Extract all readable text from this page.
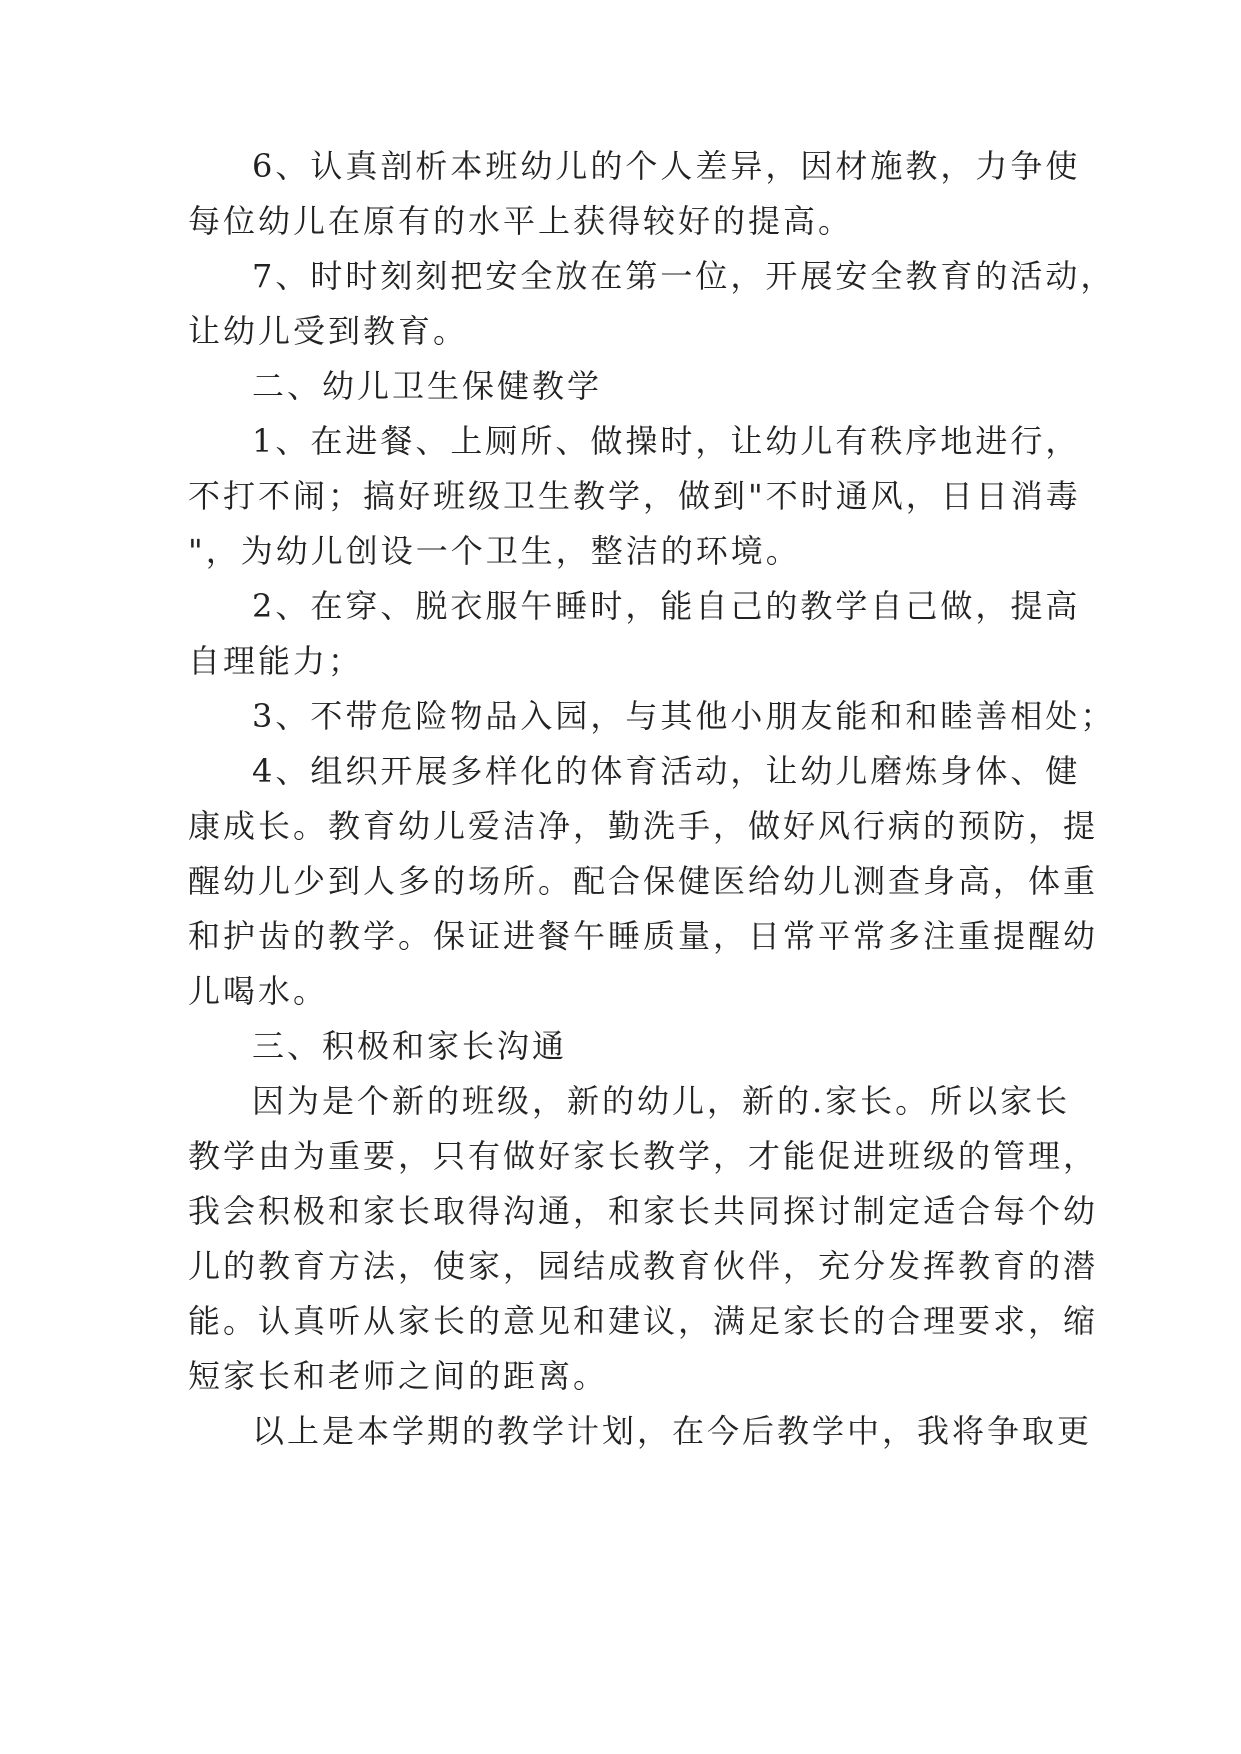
6、认真剖析本班幼儿的个人差异，因材施教，力争使
每位幼儿在原有的水平上获得较好的提高。
7、时时刻刻把安全放在第一位，开展安全教育的活动，
让幼儿受到教育。
二、幼儿卫生保健教学
1、在进餐、上厕所、做操时，让幼儿有秩序地进行，
不打不闹；搞好班级卫生教学，做到"不时通风，日日消毒
"，为幼儿创设一个卫生，整洁的环境。
2、在穿、脱衣服午睡时，能自己的教学自己做，提高
自理能力；
3、不带危险物品入园，与其他小朋友能和和睦善相处；
4、组织开展多样化的体育活动，让幼儿磨炼身体、健
康成长。教育幼儿爱洁净，勤洗手，做好风行病的预防，提
醒幼儿少到人多的场所。配合保健医给幼儿测查身高，体重
和护齿的教学。保证进餐午睡质量，日常平常多注重提醒幼
儿喝水。
三、积极和家长沟通
因为是个新的班级，新的幼儿，新的.家长。所以家长
教学由为重要，只有做好家长教学，才能促进班级的管理，
我会积极和家长取得沟通，和家长共同探讨制定适合每个幼
儿的教育方法，使家，园结成教育伙伴，充分发挥教育的潜
能。认真听从家长的意见和建议，满足家长的合理要求，缩
短家长和老师之间的距离。
以上是本学期的教学计划，在今后教学中，我将争取更
